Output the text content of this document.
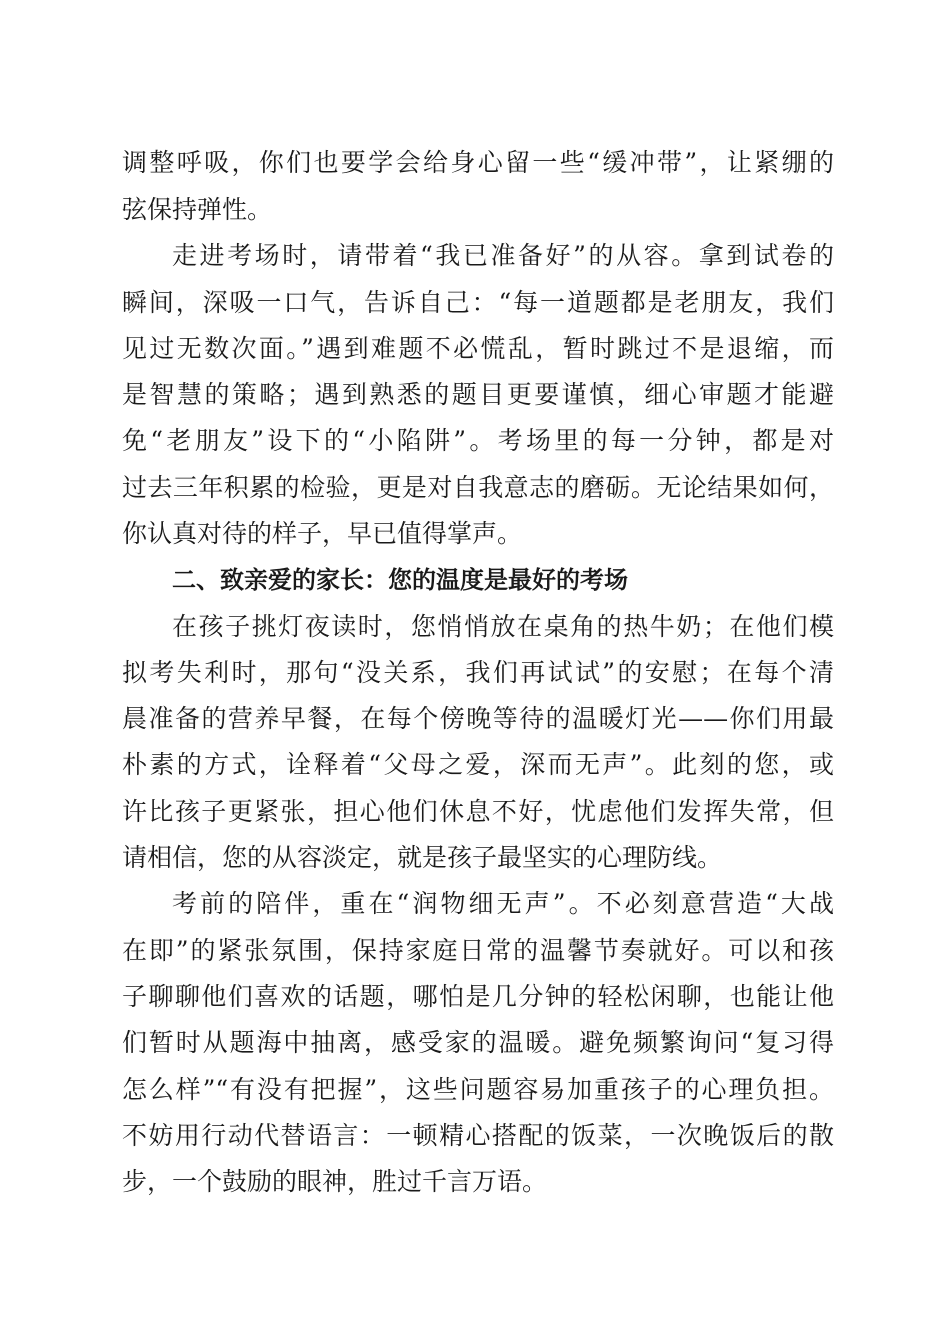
调整呼吸，你们也要学会给身心留一些“缓冲带”，让紧绷的
弦保持弹性。
走进考场时，请带着“我已准备好”的从容。拿到试卷的
瞬间，深吸一口气，告诉自己：“每一道题都是老朋友，我们
见过无数次面。”遇到难题不必慌乱，暂时跳过不是退缩，而
是智慧的策略；遇到熟悉的题目更要谨慎，细心审题才能避
免“老朋友”设下的“小陷阱”。考场里的每一分钟，都是对
过去三年积累的检验，更是对自我意志的磨砺。无论结果如何，
你认真对待的样子，早已值得掌声。
二、致亲爱的家长：您的温度是最好的考场
在孩子挑灯夜读时，您悄悄放在桌角的热牛奶；在他们模
拟考失利时，那句“没关系，我们再试试”的安慰；在每个清
晨准备的营养早餐，在每个傍晚等待的温暖灯光——你们用最
朴素的方式，诠释着“父母之爱，深而无声”。此刻的您，或
许比孩子更紧张，担心他们休息不好，忧虑他们发挥失常，但
请相信，您的从容淡定，就是孩子最坚实的心理防线。
考前的陪伴，重在“润物细无声”。不必刻意营造“大战
在即”的紧张氛围，保持家庭日常的温馨节奏就好。可以和孩
子聊聊他们喜欢的话题，哪怕是几分钟的轻松闲聊，也能让他
们暂时从题海中抽离，感受家的温暖。避免频繁询问“复习得
怎么样”“有没有把握”，这些问题容易加重孩子的心理负担。
不妨用行动代替语言：一顿精心搭配的饭菜，一次晚饭后的散
步，一个鼓励的眼神，胜过千言万语。
